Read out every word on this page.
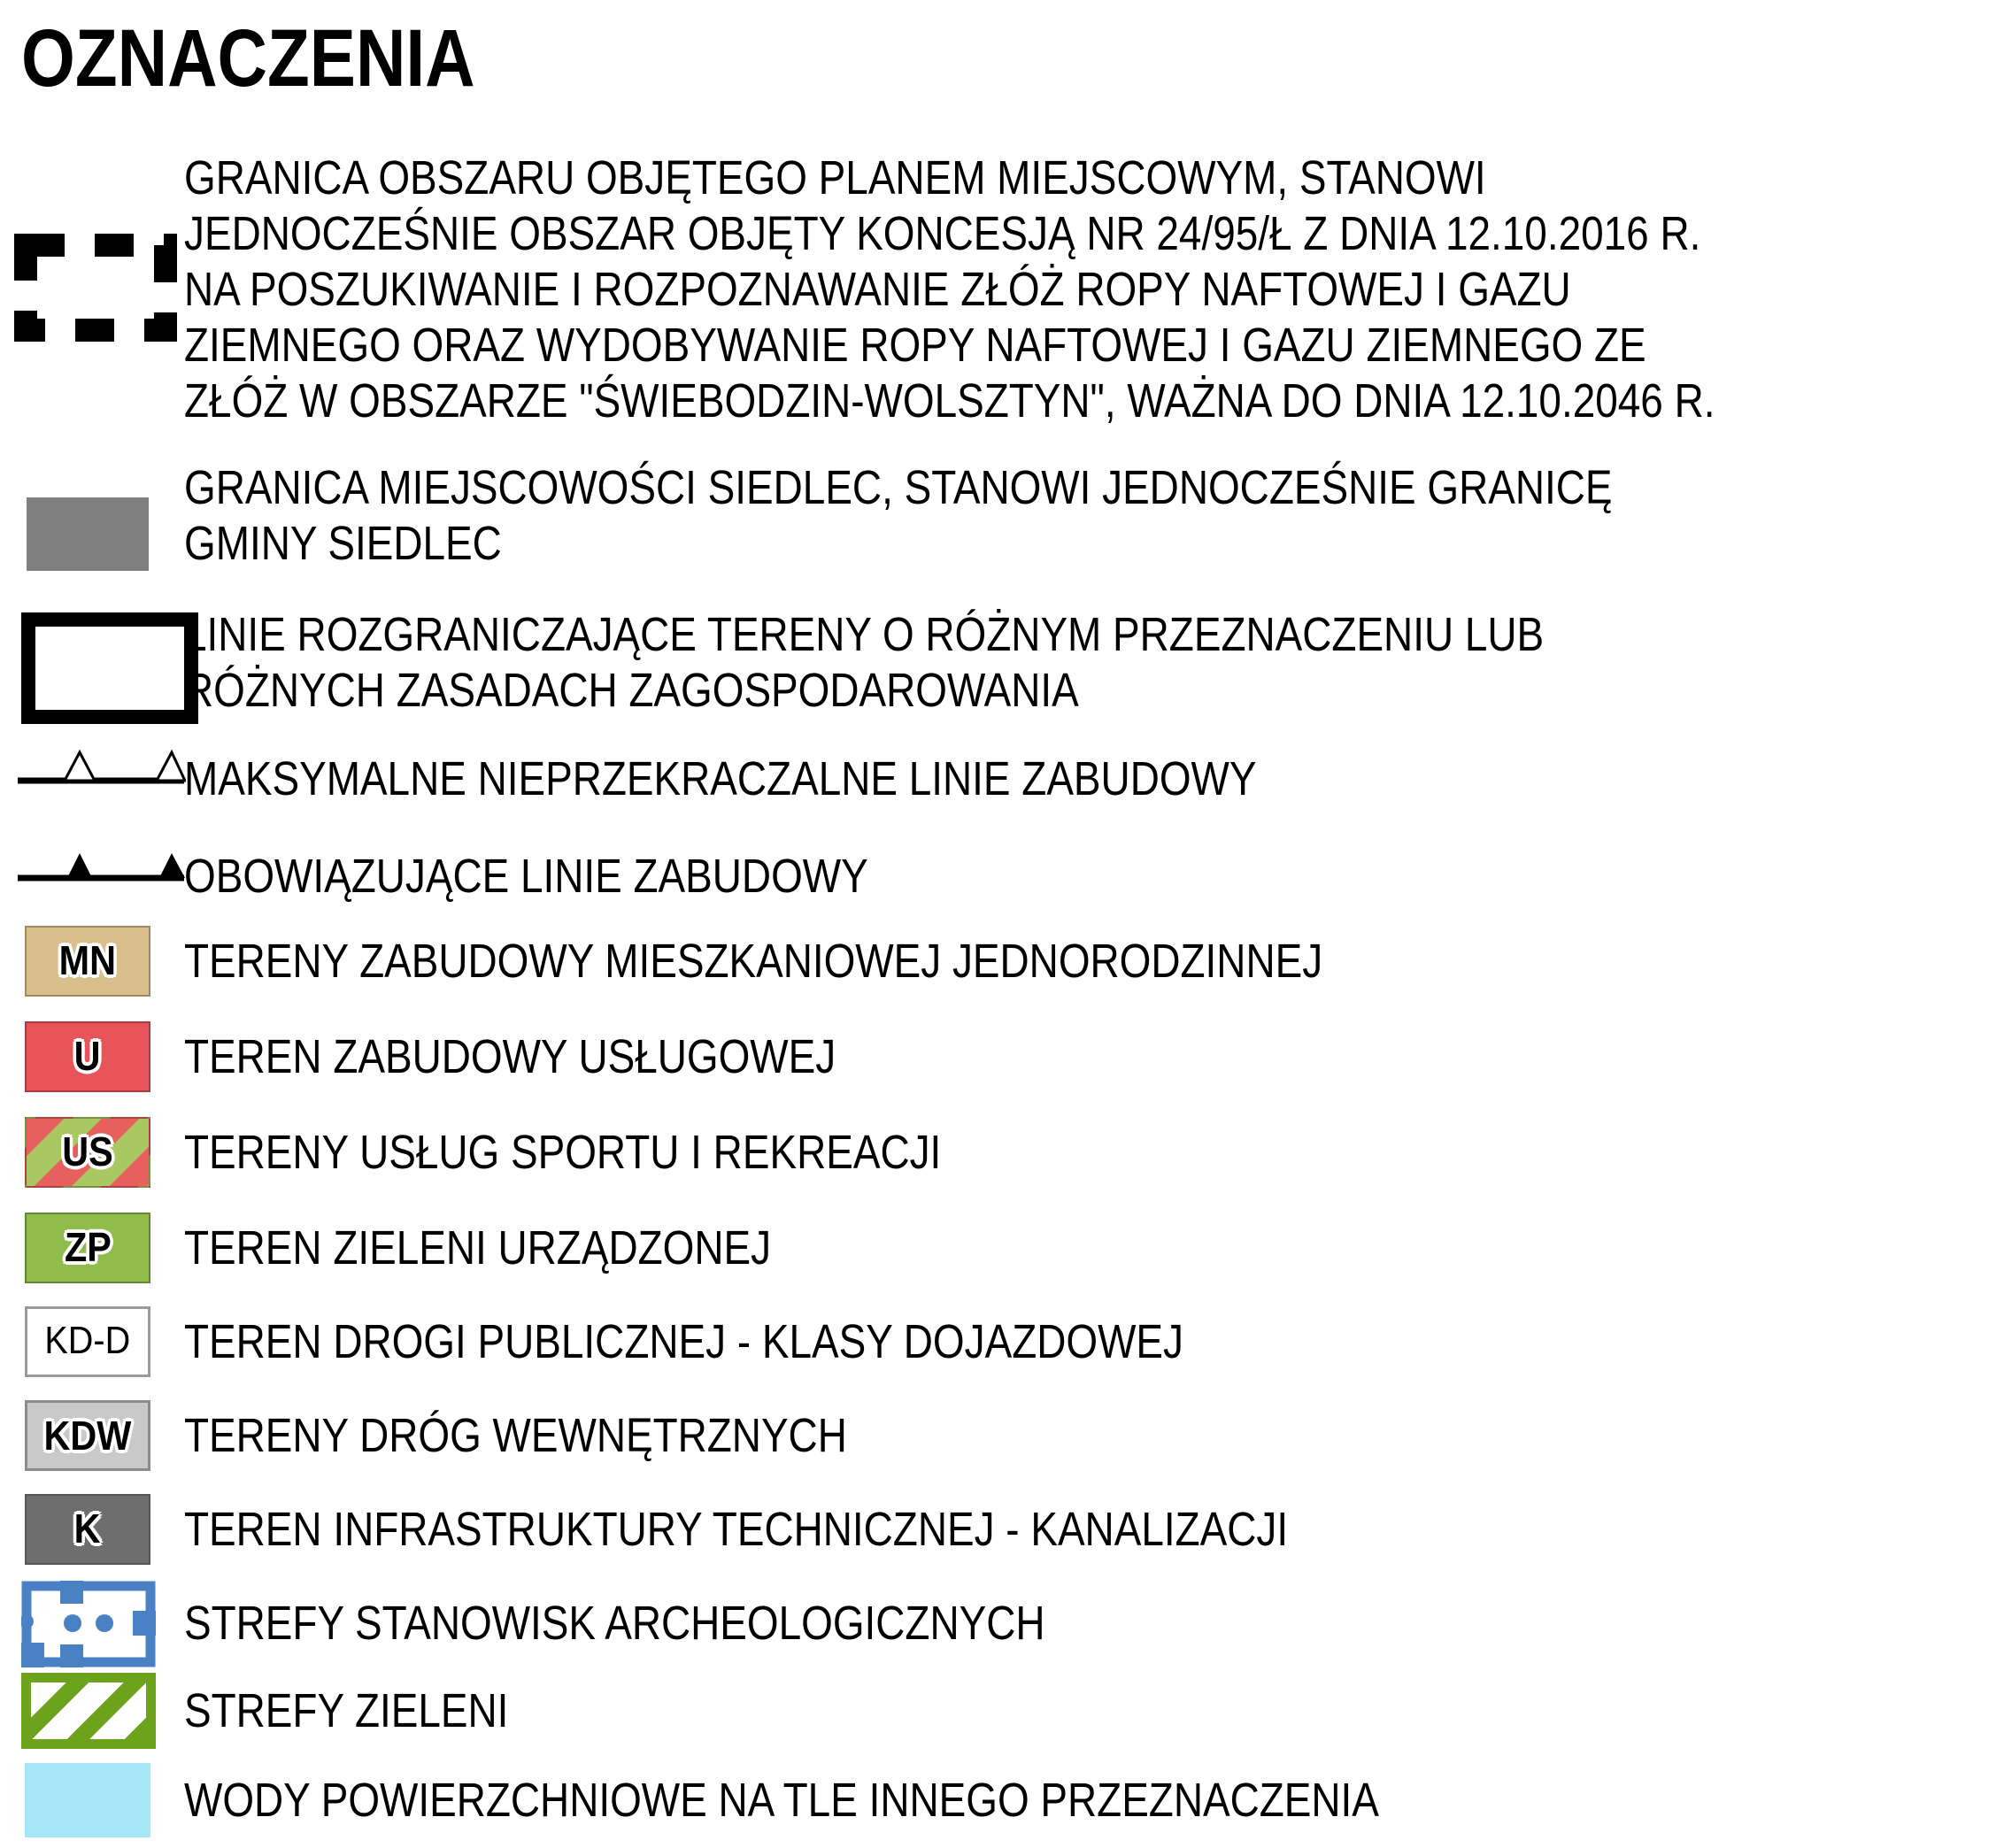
OZNACZENIA
GRANICA OBSZARU OBJĘTEGO PLANEM MIEJSCOWYM, STANOWI
JEDNOCZEŚNIE OBSZAR OBJĘTY KONCESJĄ NR 24/95/Ł Z DNIA 12.10.2016 R.
NA POSZUKIWANIE I ROZPOZNAWANIE ZŁÓŻ ROPY NAFTOWEJ I GAZU
ZIEMNEGO ORAZ WYDOBYWANIE ROPY NAFTOWEJ I GAZU ZIEMNEGO ZE
ZŁÓŻ W OBSZARZE "ŚWIEBODZIN-WOLSZTYN", WAŻNA DO DNIA 12.10.2046 R.
GRANICA MIEJSCOWOŚCI SIEDLEC, STANOWI JEDNOCZEŚNIE GRANICĘ
GMINY SIEDLEC
LINIE ROZGRANICZAJĄCE TERENY O RÓŻNYM PRZEZNACZENIU LUB
RÓŻNYCH ZASADACH ZAGOSPODAROWANIA
MAKSYMALNE NIEPRZEKRACZALNE LINIE ZABUDOWY
OBOWIĄZUJĄCE LINIE ZABUDOWY
MN	TERENY ZABUDOWY MIESZKANIOWEJ JEDNORODZINNEJ
U	TEREN ZABUDOWY USŁUGOWEJ
US	TERENY USŁUG SPORTU I REKREACJI
ZP	TEREN ZIELENI URZĄDZONEJ
KD-D	TEREN DROGI PUBLICZNEJ - KLASY DOJAZDOWEJ
KDW	TERENY DRÓG WEWNĘTRZNYCH
K	TEREN INFRASTRUKTURY TECHNICZNEJ - KANALIZACJI
STREFY STANOWISK ARCHEOLOGICZNYCH
STREFY ZIELENI
WODY POWIERZCHNIOWE NA TLE INNEGO PRZEZNACZENIA
